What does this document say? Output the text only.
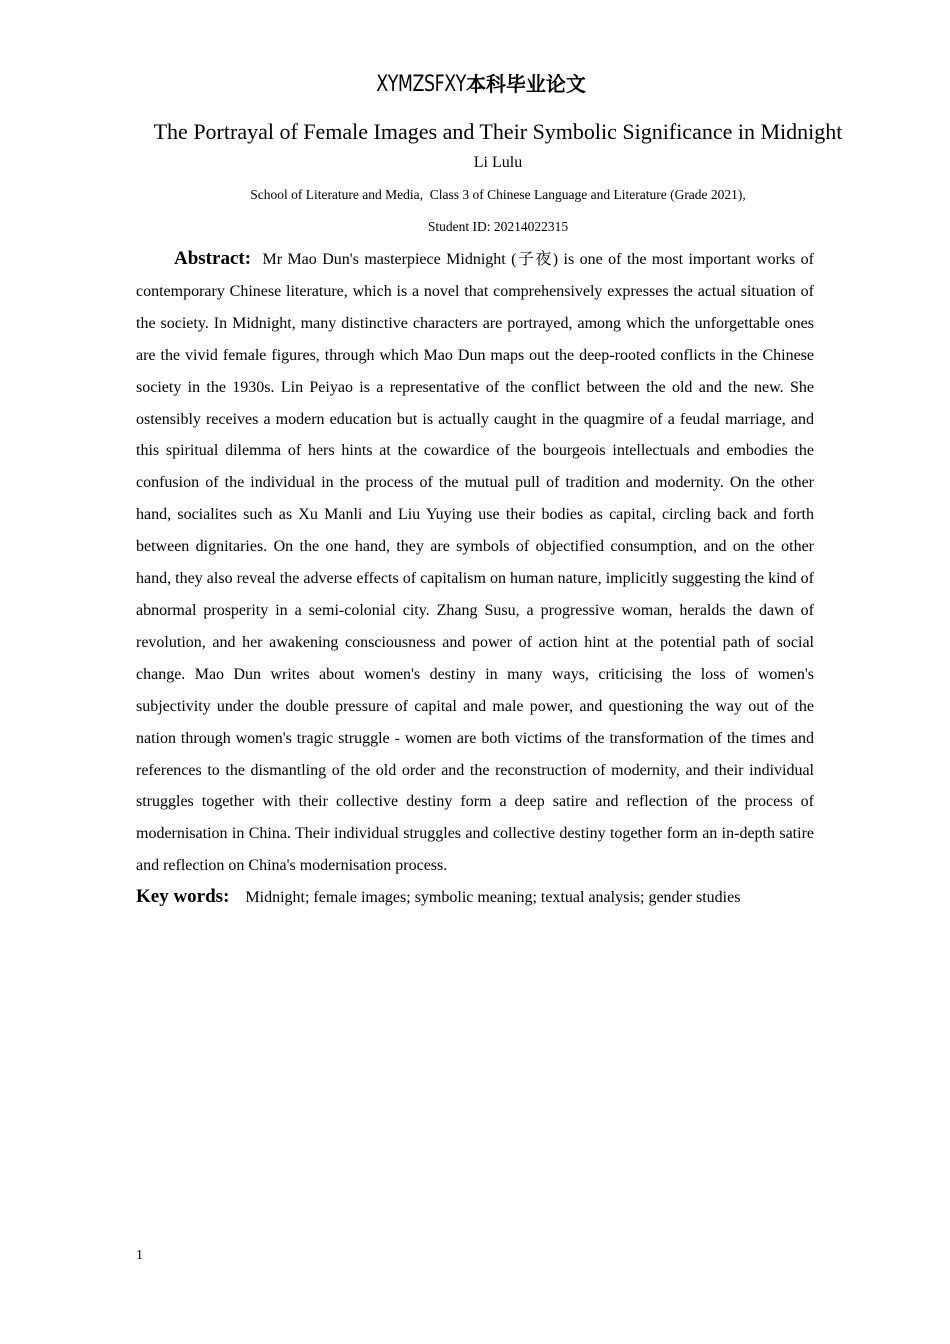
XYMZSFXY本科毕业论文
The Portrayal of Female Images and Their Symbolic Significance in Midnight
Li Lulu
School of Literature and Media,  Class 3 of Chinese Language and Literature (Grade 2021),
Student ID: 20214022315

Abstract: Mr Mao Dun's masterpiece Midnight (子夜) is one of the most important works of contemporary Chinese literature, which is a novel that comprehensively expresses the actual situation of the society. In Midnight, many distinctive characters are portrayed, among which the unforgettable ones are the vivid female figures, through which Mao Dun maps out the deep-rooted conflicts in the Chinese society in the 1930s. Lin Peiyao is a representative of the conflict between the old and the new. She ostensibly receives a modern education but is actually caught in the quagmire of a feudal marriage, and this spiritual dilemma of hers hints at the cowardice of the bourgeois intellectuals and embodies the confusion of the individual in the process of the mutual pull of tradition and modernity. On the other hand, socialites such as Xu Manli and Liu Yuying use their bodies as capital, circling back and forth between dignitaries. On the one hand, they are symbols of objectified consumption, and on the other hand, they also reveal the adverse effects of capitalism on human nature, implicitly suggesting the kind of abnormal prosperity in a semi-colonial city. Zhang Susu, a progressive woman, heralds the dawn of revolution, and her awakening consciousness and power of action hint at the potential path of social change. Mao Dun writes about women's destiny in many ways, criticising the loss of women's subjectivity under the double pressure of capital and male power, and questioning the way out of the nation through women's tragic struggle - women are both victims of the transformation of the times and references to the dismantling of the old order and the reconstruction of modernity, and their individual struggles together with their collective destiny form a deep satire and reflection of the process of modernisation in China. Their individual struggles and collective destiny together form an in-depth satire and reflection on China's modernisation process.

Key words: Midnight; female images; symbolic meaning; textual analysis; gender studies

1
